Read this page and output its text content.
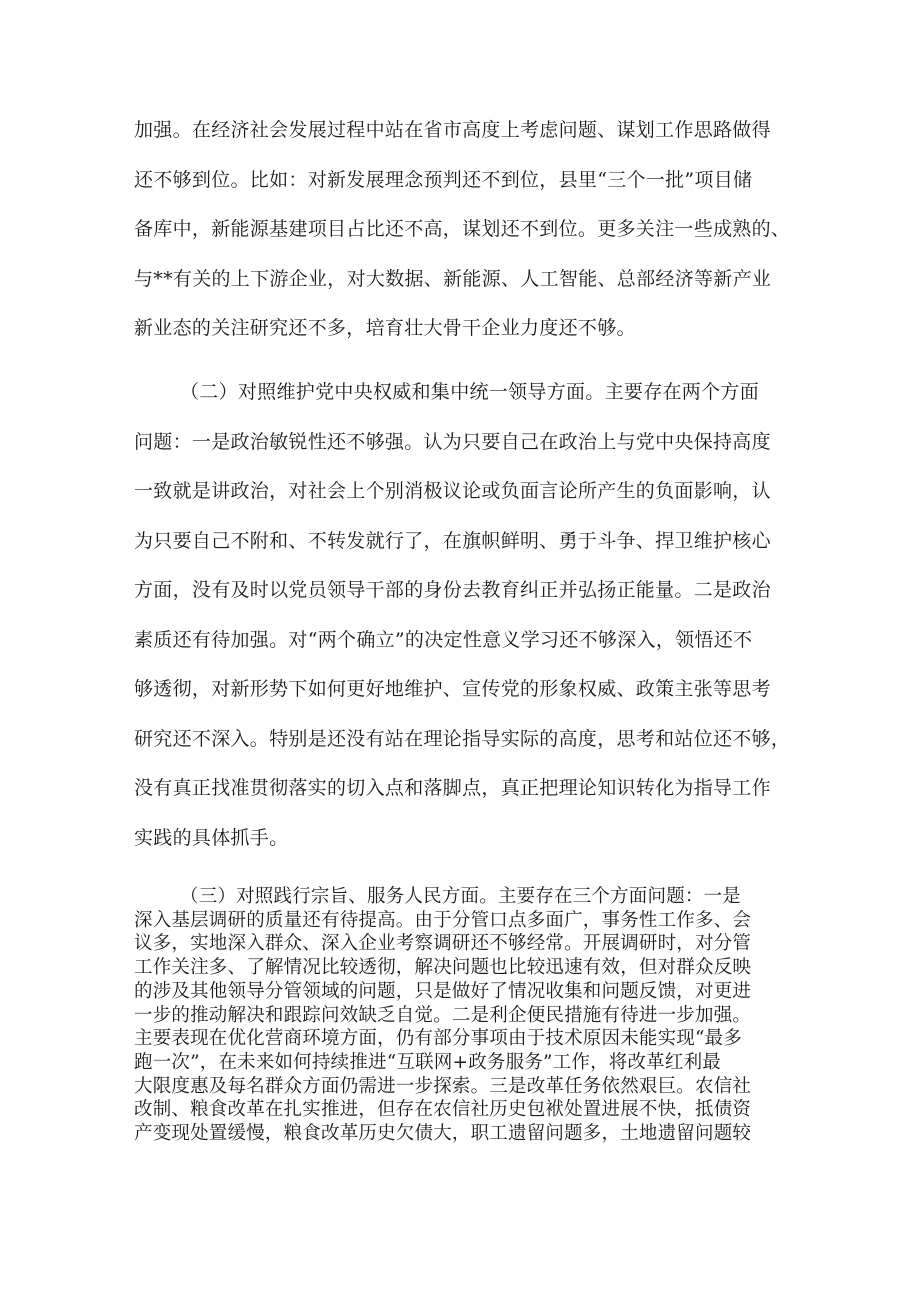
加强。在经济社会发展过程中站在省市高度上考虑问题、谋划工作思路做得
还不够到位。比如：对新发展理念预判还不到位，县里“三个一批”项目储
备库中，新能源基建项目占比还不高，谋划还不到位。更多关注一些成熟的、
与**有关的上下游企业，对大数据、新能源、人工智能、总部经济等新产业
新业态的关注研究还不多，培育壮大骨干企业力度还不够。
（二）对照维护党中央权威和集中统一领导方面。主要存在两个方面
问题：一是政治敏锐性还不够强。认为只要自己在政治上与党中央保持高度
一致就是讲政治，对社会上个别消极议论或负面言论所产生的负面影响，认
为只要自己不附和、不转发就行了，在旗帜鲜明、勇于斗争、捍卫维护核心
方面，没有及时以党员领导干部的身份去教育纠正并弘扬正能量。二是政治
素质还有待加强。对“两个确立”的决定性意义学习还不够深入，领悟还不
够透彻，对新形势下如何更好地维护、宣传党的形象权威、政策主张等思考
研究还不深入。特别是还没有站在理论指导实际的高度，思考和站位还不够，
没有真正找准贯彻落实的切入点和落脚点，真正把理论知识转化为指导工作
实践的具体抓手。
（三）对照践行宗旨、服务人民方面。主要存在三个方面问题：一是
深入基层调研的质量还有待提高。由于分管口点多面广，事务性工作多、会
议多，实地深入群众、深入企业考察调研还不够经常。开展调研时，对分管
工作关注多、了解情况比较透彻，解决问题也比较迅速有效，但对群众反映
的涉及其他领导分管领域的问题，只是做好了情况收集和问题反馈，对更进
一步的推动解决和跟踪问效缺乏自觉。二是利企便民措施有待进一步加强。
主要表现在优化营商环境方面，仍有部分事项由于技术原因未能实现“最多
跑一次”，在未来如何持续推进“互联网+政务服务”工作，将改革红利最
大限度惠及每名群众方面仍需进一步探索。三是改革任务依然艰巨。农信社
改制、粮食改革在扎实推进，但存在农信社历史包袱处置进展不快，抵债资
产变现处置缓慢，粮食改革历史欠债大，职工遗留问题多，土地遗留问题较
